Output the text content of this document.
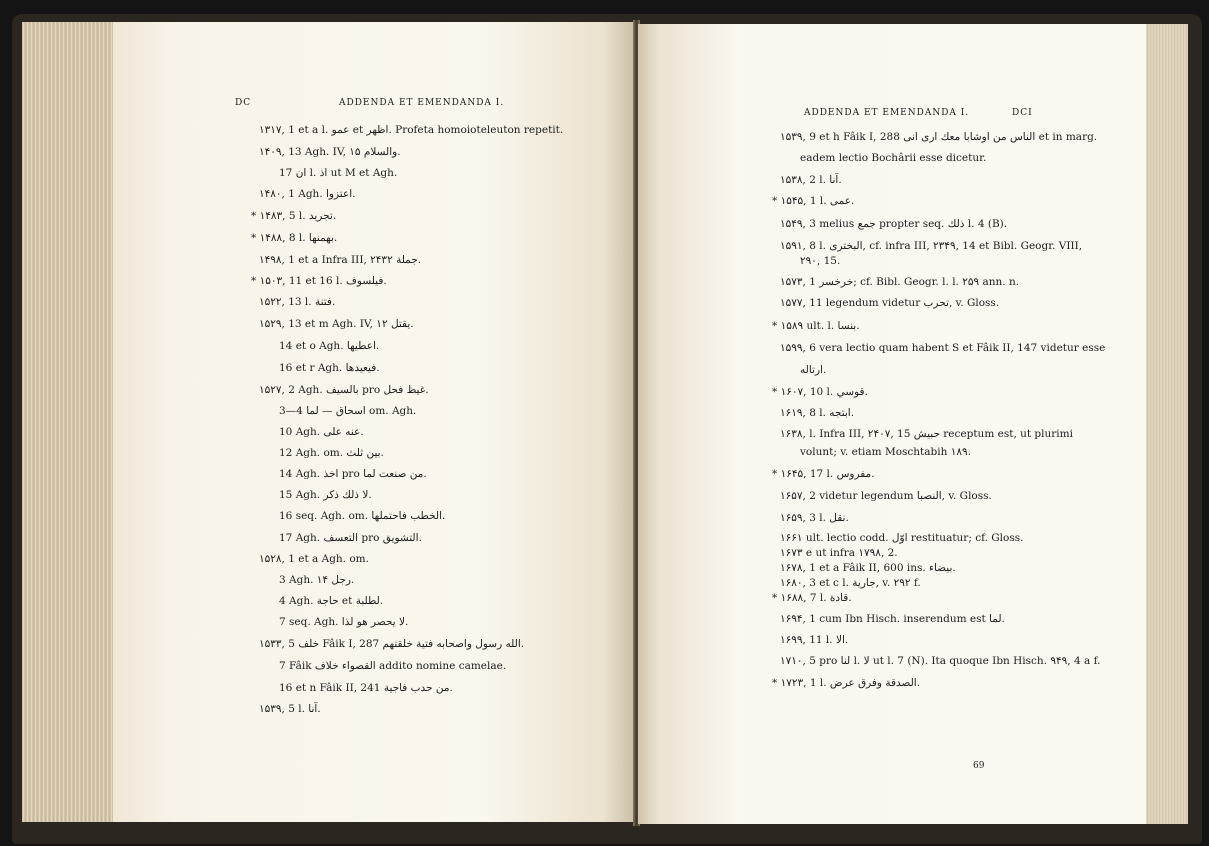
DC	ADDENDA ET EMENDANDA I.
۱۳۱۷, 1 et a l. عمو et اظهر. Profeta homoioteleuton repetit.
۱۴۰۹, 13 Agh. IV, ۱۵ والسلام.
17 ان l. اذ ut M et Agh.
۱۴۸۰, 1 Agh. اعتزوا.
* ۱۴۸۳, 5 l. تجريد.
* ۱۴۸۸, 8 l. بهمنها.
۱۴۹۸, 1 et a Infra III, ۲۴۳۲ جملة.
* ۱۵۰۳, 11 et 16 l. فيلسوف.
۱۵۲۲, 13 l. فتنة.
۱۵۲۹, 13 et m Agh. IV, ۱۲ يقتل.
14 et o Agh. اعطيها.
16 et r Agh. فيعيدها.
۱۵۲۷, 2 Agh. بالسيف pro غيظ فحل.
3—4 اسحاق — لما om. Agh.
10 Agh. عنه على.
12 Agh. om. بين ثلث.
14 Agh. اخذ pro من صنعت لما.
15 Agh. لا ذلك ذكر.
16 seq. Agh. om. الخطب فاحتملها.
17 Agh. التعسف pro التشويق.
۱۵۲۸, 1 et a Agh. om.
3 Agh. ۱۴ رجل.
4 Agh. حاجة et لطلبة.
7 seq. Agh. لا يحصر هو لذا.
۱۵۳۳, 5 خلف Fâik I, 287 الله رسول واصحابه فتية خلقتهم.
7 Fâik القصواء خلاف addito nomine camelae.
16 et n Fâik II, 241 من حدب فاجية.
۱۵۳۹, 5 l. آنا.
ADDENDA ET EMENDANDA I.	DCI
۱۵۳۹, 9 et h Fâik I, 288 الناس من اوشابا معك ارى انى et in marg.
eadem lectio Bochârii esse dicetur.
۱۵۳۸, 2 l. آنا.
* ۱۵۴۵, 1 l. عمى.
۱۵۴۹, 3 melius جمع propter seq. ذلك l. 4 (B).
۱۵۹۱, 8 l. البخترى, cf. infra III, ۲۳۴۹, 14 et Bibl. Geogr. VIII,
۲۹۰, 15.
۱۵۷۳, 1 خرخسر; cf. Bibl. Geogr. l. l. ۲۵۹ ann. n.
۱۵۷۷, 11 legendum videtur تحرب, v. Gloss.
* ۱۵۸۹ ult. l. بنسا.
۱۵۹۹, 6 vera lectio quam habent S et Fâik II, 147 videtur esse
ارتاله.
* ۱۶۰۷, 10 l. قوسي.
۱۶۱۹, 8 l. ابتجه.
۱۶۳۸, l. Infra III, ۲۴۰۷, 15 حبيش receptum est, ut plurimi
volunt; v. etiam Moschtabih ۱۸۹.
* ۱۶۴۵, 17 l. مفروس.
۱۶۵۷, 2 videtur legendum النصبا, v. Gloss.
۱۶۵۹, 3 l. نقل.
۱۶۶۱ ult. lectio codd. اوّل restituatur; cf. Gloss.
۱۶۷۳ e ut infra ۱۷۹۸, 2.
۱۶۷۸, 1 et a Fâik II, 600 ins. بيضاء.
۱۶۸۰, 3 et c l. جارية, v. ۲۹۲ f.
* ۱۶۸۸, 7 l. قادة.
۱۶۹۴, 1 cum Ibn Hisch. inserendum est لما.
۱۶۹۹, 11 l. الا.
۱۷۱۰, 5 pro لنا l. لا ut l. 7 (N). Ita quoque Ibn Hisch. ۹۴۹, 4 a f.
* ۱۷۲۳, 1 l. الصدقة وفرق عرض.
69
